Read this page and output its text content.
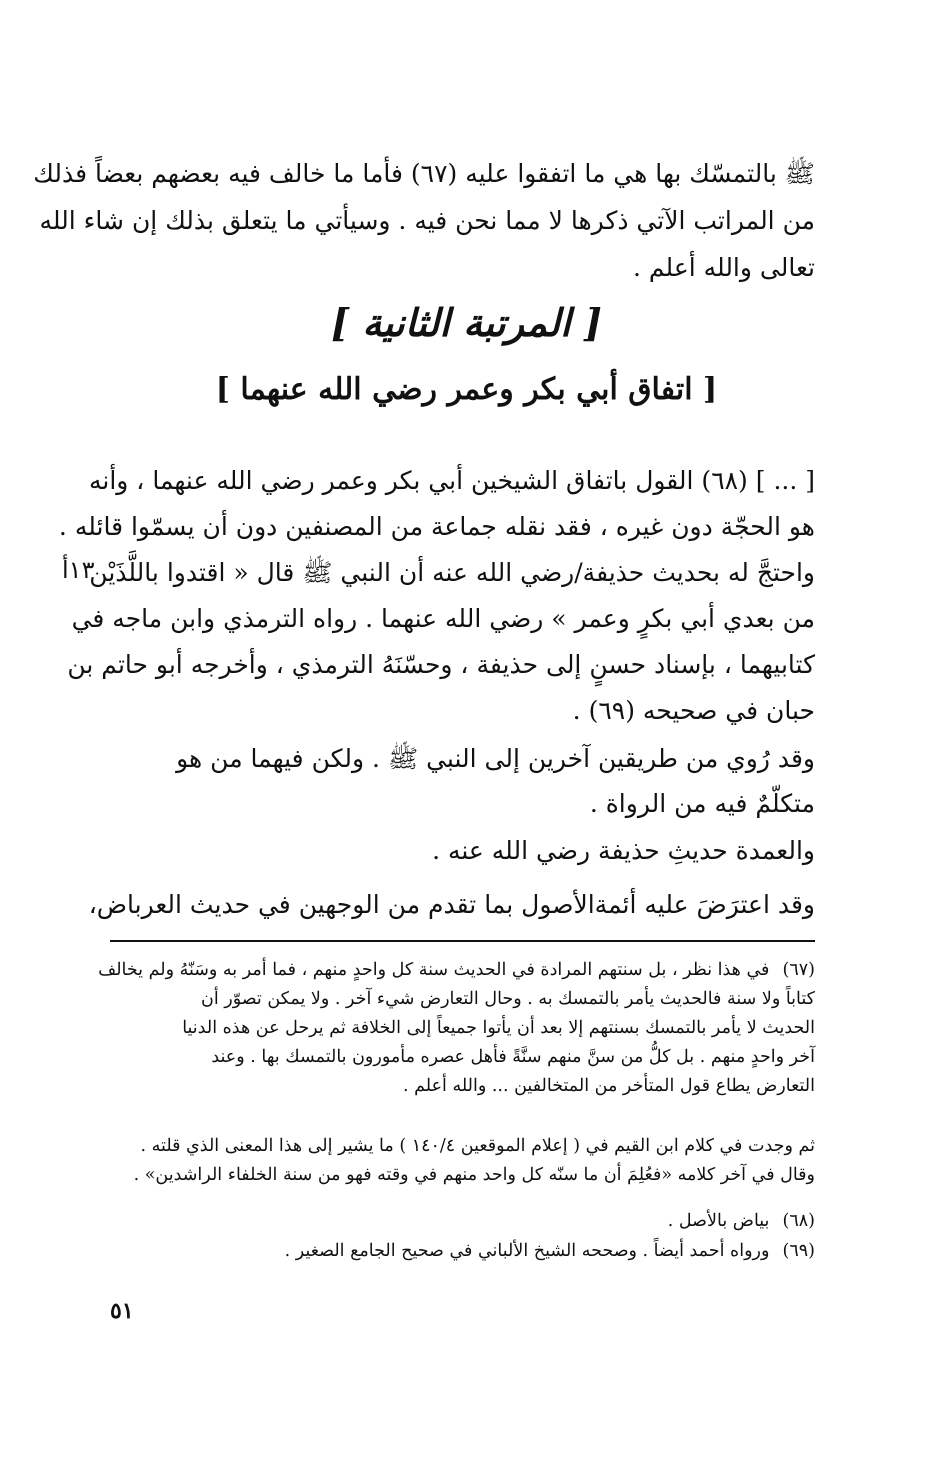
ﷺ بالتمسّك بها هي ما اتفقوا عليه (٦٧) فأما ما خالف فيه بعضهم بعضاً فذلك
من المراتب الآتي ذكرها لا مما نحن فيه . وسيأتي ما يتعلق بذلك إن شاء الله
تعالى والله أعلم .
[ المرتبة الثانية ]
[ اتفاق أبي بكر وعمر رضي الله عنهما ]
[ ... ] (٦٨) القول باتفاق الشيخين أبي بكر وعمر رضي الله عنهما ، وأنه
هو الحجّة دون غيره ، فقد نقله جماعة من المصنفين دون أن يسمّوا قائله .
واحتجَّ له بحديث حذيفة/رضي الله عنه أن النبي ﷺ قال « اقتدوا باللَّذَيْن
من بعدي أبي بكرٍ وعمر » رضي الله عنهما . رواه الترمذي وابن ماجه في
كتابيهما ، بإسناد حسنٍ إلى حذيفة ، وحسّنَهُ الترمذي ، وأخرجه أبو حاتم بن
حبان في صحيحه (٦٩) .
١٣أ
وقد رُوي من طريقين آخرين إلى النبي ﷺ . ولكن فيهما من هو
متكلّمٌ فيه من الرواة .
والعمدة حديثِ حذيفة رضي الله عنه .
وقد اعترَضَ عليه أئمةالأصول بما تقدم من الوجهين في حديث العرباض،
(٦٧) في هذا نظر ، بل سنتهم المرادة في الحديث سنة كل واحدٍ منهم ، فما أمر به وسَنّهُ ولم يخالف
كتاباً ولا سنة فالحديث يأمر بالتمسك به . وحال التعارض شيء آخر . ولا يمكن تصوّر أن
الحديث لا يأمر بالتمسك بسنتهم إلا بعد أن يأتوا جميعاً إلى الخلافة ثم يرحل عن هذه الدنيا
آخر واحدٍ منهم . بل كلُّ من سنَّ منهم سنَّةً فأهل عصره مأمورون بالتمسك بها . وعند
التعارض يطاع قول المتأخر من المتخالفين ... والله أعلم .
ثم وجدت في كلام ابن القيم في ( إعلام الموقعين ١٤٠/٤ ) ما يشير إلى هذا المعنى الذي قلته .
وقال في آخر كلامه «فعُلِمَ أن ما سنّه كل واحد منهم في وقته فهو من سنة الخلفاء الراشدين» .
(٦٨) بياض بالأصل .
(٦٩) ورواه أحمد أيضاً . وصححه الشيخ الألباني في صحيح الجامع الصغير .
٥١
